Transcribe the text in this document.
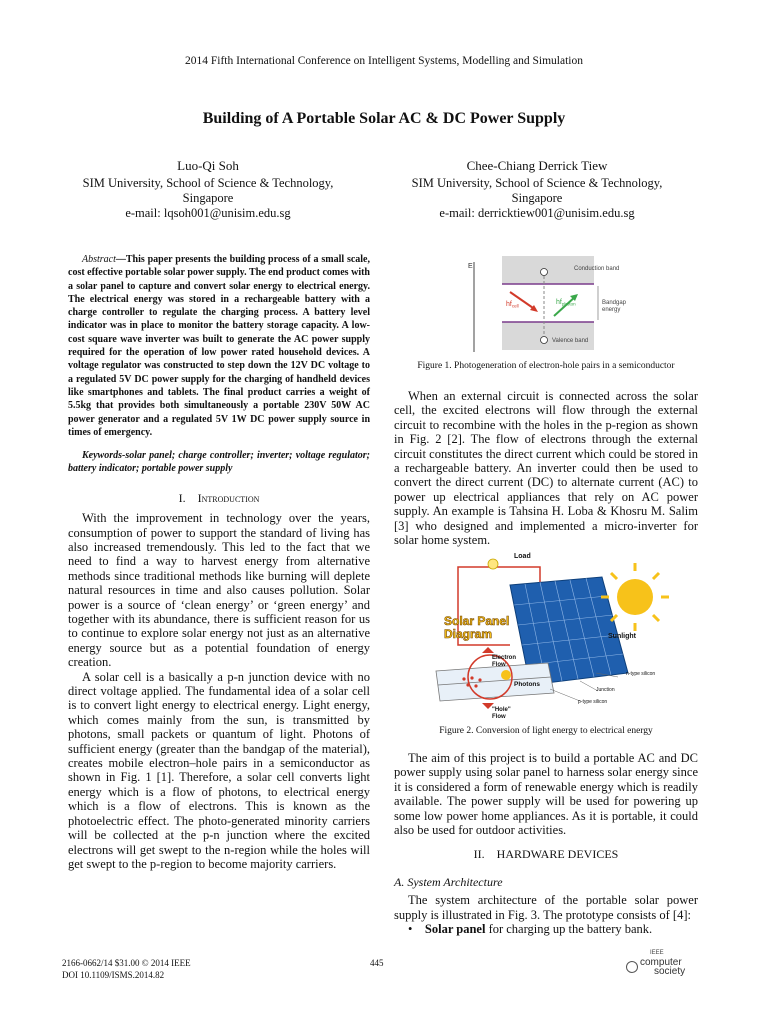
2014 Fifth International Conference on Intelligent Systems, Modelling and Simulation
Building of A Portable Solar AC & DC Power Supply
Luo-Qi Soh
SIM University, School of Science & Technology,
Singapore
e-mail: lqsoh001@unisim.edu.sg
Chee-Chiang Derrick Tiew
SIM University, School of Science & Technology,
Singapore
e-mail: derricktiew001@unisim.edu.sg
Abstract—This paper presents the building process of a small scale, cost effective portable solar power supply. The end product comes with a solar panel to capture and convert solar energy to electrical energy. The electrical energy was stored in a rechargeable battery with a charge controller to regulate the charging process. A battery level indicator was in place to monitor the battery storage capacity. A low-cost square wave inverter was built to generate the AC power supply required for the operation of low power rated household devices. A voltage regulator was constructed to step down the 12V DC voltage to a regulated 5V DC power supply for the charging of handheld devices like smartphones and tablets. The final product carries a weight of 5.5kg that provides both simultaneously a portable 230V 50W AC power generator and a regulated 5V 1W DC power supply source in times of emergency.
Keywords-solar panel; charge controller; inverter; voltage regulator; battery indicator; portable power supply
I. Introduction

With the improvement in technology over the years, consumption of power to support the standard of living has also increased tremendously. This led to the fact that we need to find a way to harvest energy from alternative methods since traditional methods like burning will deplete natural resources in time and also causes pollution. Solar power is a source of ‘clean energy’ or ‘green energy’ and together with its abundance, there is sufficient reason for us to continue to explore solar energy not just as an alternative energy source but as a potential foundation of energy creation.

A solar cell is a basically a p-n junction device with no direct voltage applied. The fundamental idea of a solar cell is to convert light energy to electrical energy. Light energy, which comes mainly from the sun, is transmitted by photons, small packets or quantum of light. Photons of sufficient energy (greater than the bandgap of the material), creates mobile electron–hole pairs in a semiconductor as shown in Fig. 1 [1]. Therefore, a solar cell converts light energy which is a flow of photons, to electrical energy which is a flow of electrons. This is known as the photoelectric effect. The photo-generated minority carriers will be collected at the p-n junction where the excited electrons will get swept to the n-region while the holes will get swept to the p-region to become majority carriers.

E
$hf_{cell}$	$hf_{photon}$
Conduction band
Bandgap energy
Valence band
Figure 1. Photogeneration of electron-hole pairs in a semiconductor

When an external circuit is connected across the solar cell, the excited electrons will flow through the external circuit to recombine with the holes in the p-region as shown in Fig. 2 [2]. The flow of electrons through the external circuit constitutes the direct current which could be stored in a rechargeable battery. An inverter could then be used to convert the direct current (DC) to alternate current (AC) to power up electrical appliances that rely on AC power supply. An example is Tahsina H. Loba & Khosru M. Salim [3] who designed and implemented a micro-inverter for solar home system.

Load
Solar Panel
Diagram	Sunlight
Electron
Flow
Photons
n-type silicon
Junction
p-type silicon
"Hole"
Flow
Figure 2. Conversion of light energy to electrical energy

The aim of this project is to build a portable AC and DC power supply using solar panel to harness solar energy since it is considered a form of renewable energy which is readily available. The power supply will be used for powering up some low power home appliances. As it is portable, it could also be used for outdoor activities.

II. HARDWARE DEVICES
A. System Architecture

The system architecture of the portable solar power supply is illustrated in Fig. 3. The prototype consists of [4]:

• Solar panel for charging up the battery bank.
2166-0662/14 $31.00 © 2014 IEEE
DOI 10.1109/ISMS.2014.82
445
IEEE
computer
society
